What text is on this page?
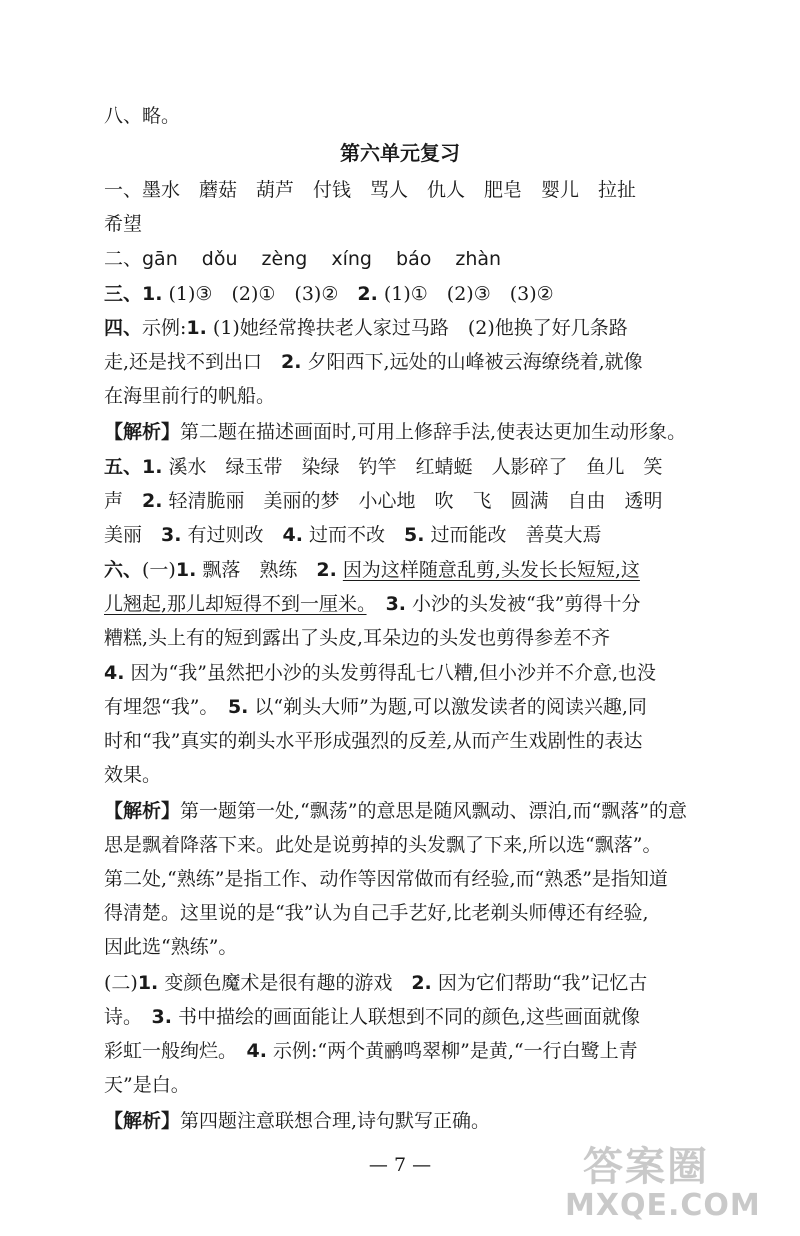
八、略。
第六单元复习
一、墨水　蘑菇　葫芦　付钱　骂人　仇人　肥皂　婴儿　拉扯
希望
二、gān dǒu zèng xíng báo zhàn
三、1. (1)③　(2)①　(3)②　2. (1)①　(2)③　(3)②
四、示例:1. (1)她经常搀扶老人家过马路　(2)他换了好几条路
走,还是找不到出口　2. 夕阳西下,远处的山峰被云海缭绕着,就像
在海里前行的帆船。
【解析】第二题在描述画面时,可用上修辞手法,使表达更加生动形象。
五、1. 溪水　绿玉带　染绿　钓竿　红蜻蜓　人影碎了　鱼儿　笑
声　2. 轻清脆丽　美丽的梦　小心地　吹　飞　圆满　自由　透明
美丽　3. 有过则改　4. 过而不改　5. 过而能改　善莫大焉
六、(一)1. 飘落　熟练　2. 因为这样随意乱剪,头发长长短短,这
儿翘起,那儿却短得不到一厘米。　 3. 小沙的头发被“我”剪得十分
糟糕,头上有的短到露出了头皮,耳朵边的头发也剪得参差不齐
4. 因为“我”虽然把小沙的头发剪得乱七八糟,但小沙并不介意,也没
有埋怨“我”。　5. 以“剃头大师”为题,可以激发读者的阅读兴趣,同
时和“我”真实的剃头水平形成强烈的反差,从而产生戏剧性的表达
效果。
【解析】第一题第一处,“飘荡”的意思是随风飘动、漂泊,而“飘落”的意
思是飘着降落下来。此处是说剪掉的头发飘了下来,所以选“飘落”。
第二处,“熟练”是指工作、动作等因常做而有经验,而“熟悉”是指知道
得清楚。这里说的是“我”认为自己手艺好,比老剃头师傅还有经验,
因此选“熟练”。
(二)1. 变颜色魔术是很有趣的游戏　2. 因为它们帮助“我”记忆古
诗。　3. 书中描绘的画面能让人联想到不同的颜色,这些画面就像
彩虹一般绚烂。　4. 示例:“两个黄鹂鸣翠柳”是黄,“一行白鹭上青
天”是白。
【解析】第四题注意联想合理,诗句默写正确。
— 7 —	答案圈
MXQE.COM
